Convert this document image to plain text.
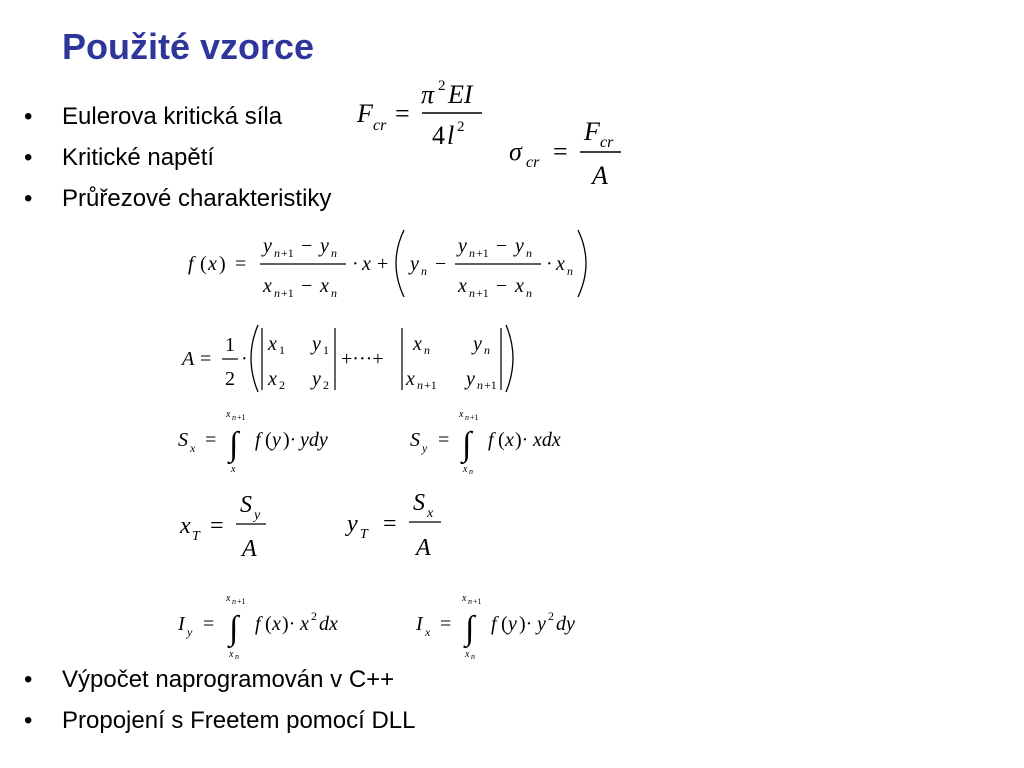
Použité vzorce
• Eulerova kritická síla
• Kritické napětí
• Průřezové charakteristiky
• Výpočet naprogramován v C++
• Propojení s Freetem pomocí DLL
F cr =
π 2 EI
4 l 2
σ cr =
F cr
A
f ( x ) =
y n +1 − y n
x n +1 − x n
· x + y n −
y n +1 − y n
x n +1 − x n
· x n
A =
1
2
·
x 1 y 1
x 2 y 2
+···+
x n y n
x n +1 y n +1
S x =
x n +1
∫
x
f ( y )· ydy	S y =
x n +1
∫
x n
f ( x )· xdx
x T =
S y
A
y T =
S x
A
I y =
x n +1
∫
x n
f ( x )· x 2 dx	I x =
x n +1
∫
x n
f ( y )· y 2 dy
